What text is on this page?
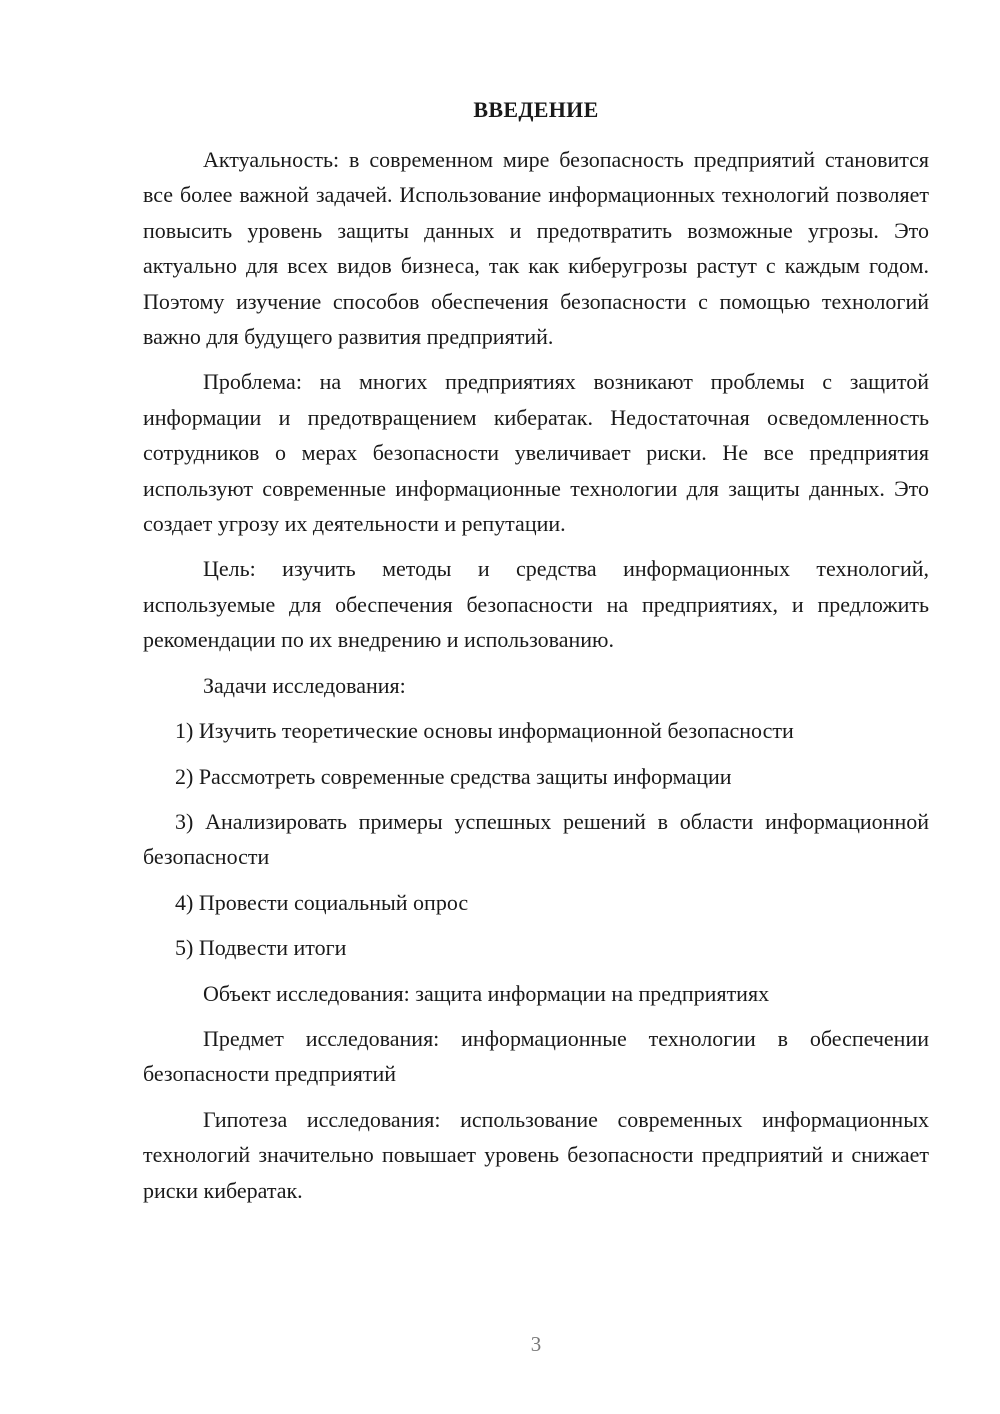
ВВЕДЕНИЕ

Актуальность: в современном мире безопасность предприятий становится все более важной задачей. Использование информационных технологий позволяет повысить уровень защиты данных и предотвратить возможные угрозы. Это актуально для всех видов бизнеса, так как киберугрозы растут с каждым годом. Поэтому изучение способов обеспечения безопасности с помощью технологий важно для будущего развития предприятий.

Проблема: на многих предприятиях возникают проблемы с защитой информации и предотвращением кибератак. Недостаточная осведомленность сотрудников о мерах безопасности увеличивает риски. Не все предприятия используют современные информационные технологии для защиты данных. Это создает угрозу их деятельности и репутации.

Цель: изучить методы и средства информационных технологий, используемые для обеспечения безопасности на предприятиях, и предложить рекомендации по их внедрению и использованию.

Задачи исследования:

1) Изучить теоретические основы информационной безопасности

2) Рассмотреть современные средства защиты информации

3) Анализировать примеры успешных решений в области информационной безопасности

4) Провести социальный опрос

5) Подвести итоги

Объект исследования: защита информации на предприятиях

Предмет исследования: информационные технологии в обеспечении безопасности предприятий

Гипотеза исследования: использование современных информационных технологий значительно повышает уровень безопасности предприятий и снижает риски кибератак.

3
